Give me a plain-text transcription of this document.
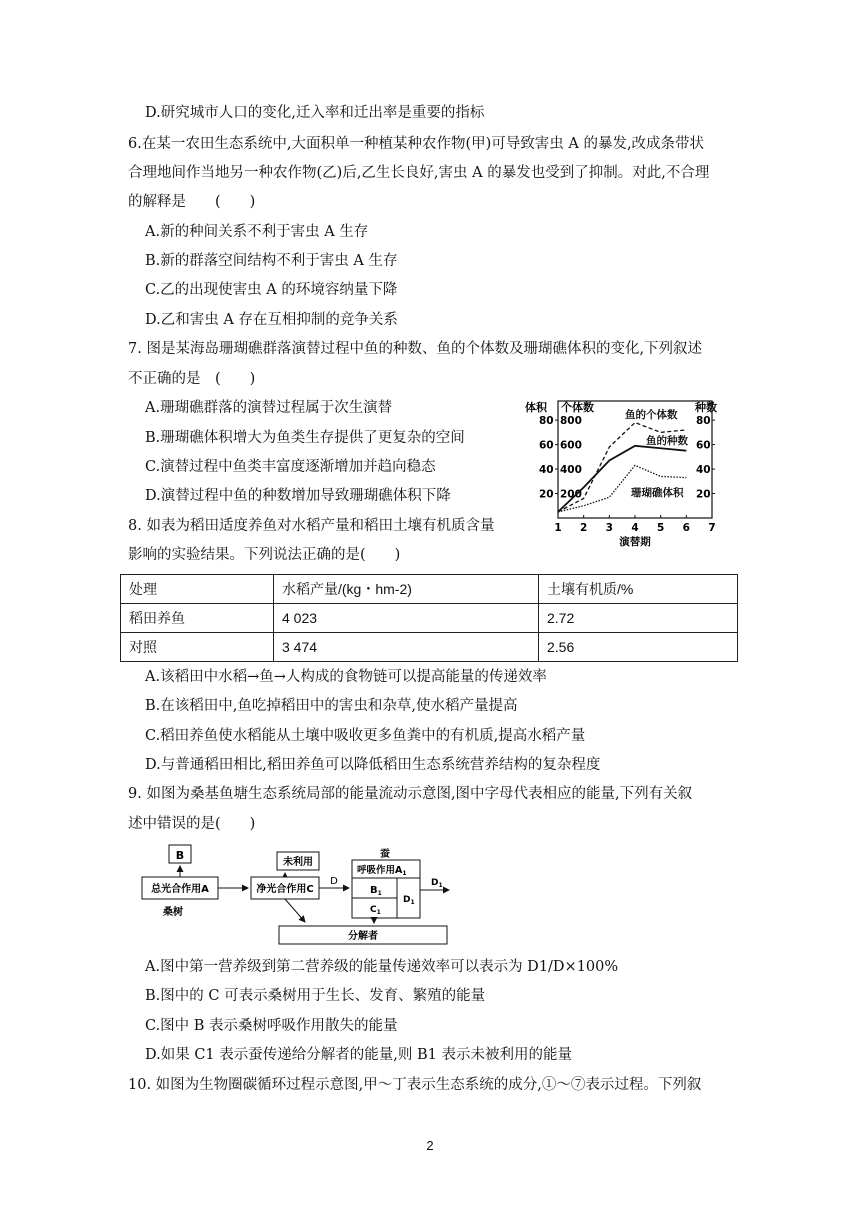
D.研究城市人口的变化,迁入率和迁出率是重要的指标
6.在某一农田生态系统中,大面积单一种植某种农作物(甲)可导致害虫 A 的暴发,改成条带状
合理地间作当地另一种农作物(乙)后,乙生长良好,害虫 A 的暴发也受到了抑制。对此,不合理
的解释是　　(　　)
A.新的种间关系不利于害虫 A 生存
B.新的群落空间结构不利于害虫 A 生存
C.乙的出现使害虫 A 的环境容纳量下降
D.乙和害虫 A 存在互相抑制的竞争关系
7. 图是某海岛珊瑚礁群落演替过程中鱼的种数、鱼的个体数及珊瑚礁体积的变化,下列叙述
不正确的是　(　　)
A.珊瑚礁群落的演替过程属于次生演替
B.珊瑚礁体积增大为鱼类生存提供了更复杂的空间
C.演替过程中鱼类丰富度逐渐增加并趋向稳态
D.演替过程中鱼的种数增加导致珊瑚礁体积下降
8. 如表为稻田适度养鱼对水稻产量和稻田土壤有机质含量
影响的实验结果。下列说法正确的是(　　)
处理	水稻产量/(kg・hm-2)	土壤有机质/%
稻田养鱼	4 023	2.72
对照	3 474	2.56
A.该稻田中水稻→鱼→人构成的食物链可以提高能量的传递效率
B.在该稻田中,鱼吃掉稻田中的害虫和杂草,使水稻产量提高
C.稻田养鱼使水稻能从土壤中吸收更多鱼粪中的有机质,提高水稻产量
D.与普通稻田相比,稻田养鱼可以降低稻田生态系统营养结构的复杂程度
9. 如图为桑基鱼塘生态系统局部的能量流动示意图,图中字母代表相应的能量,下列有关叙
述中错误的是(　　)
B
总光合作用A
桑树
未利用
净光合作用C
D
蚕
呼吸作用$A_1$
$B_1$
$C_1$
$D_1$
$D_1$
分解者
A.图中第一营养级到第二营养级的能量传递效率可以表示为 D1/D×100%
B.图中的 C 可表示桑树用于生长、发育、繁殖的能量
C.图中 B 表示桑树呼吸作用散失的能量
D.如果 C1 表示蚕传递给分解者的能量,则 B1 表示未被利用的能量
10. 如图为生物圈碳循环过程示意图,甲～丁表示生态系统的成分,①～⑦表示过程。下列叙
体积 个体数	种数
20
40
60
80
200
400
600
800
20
40
60
80
1 2 3 4 5 6 7
演替期
鱼的个体数
鱼的种数
珊瑚礁体积
2
